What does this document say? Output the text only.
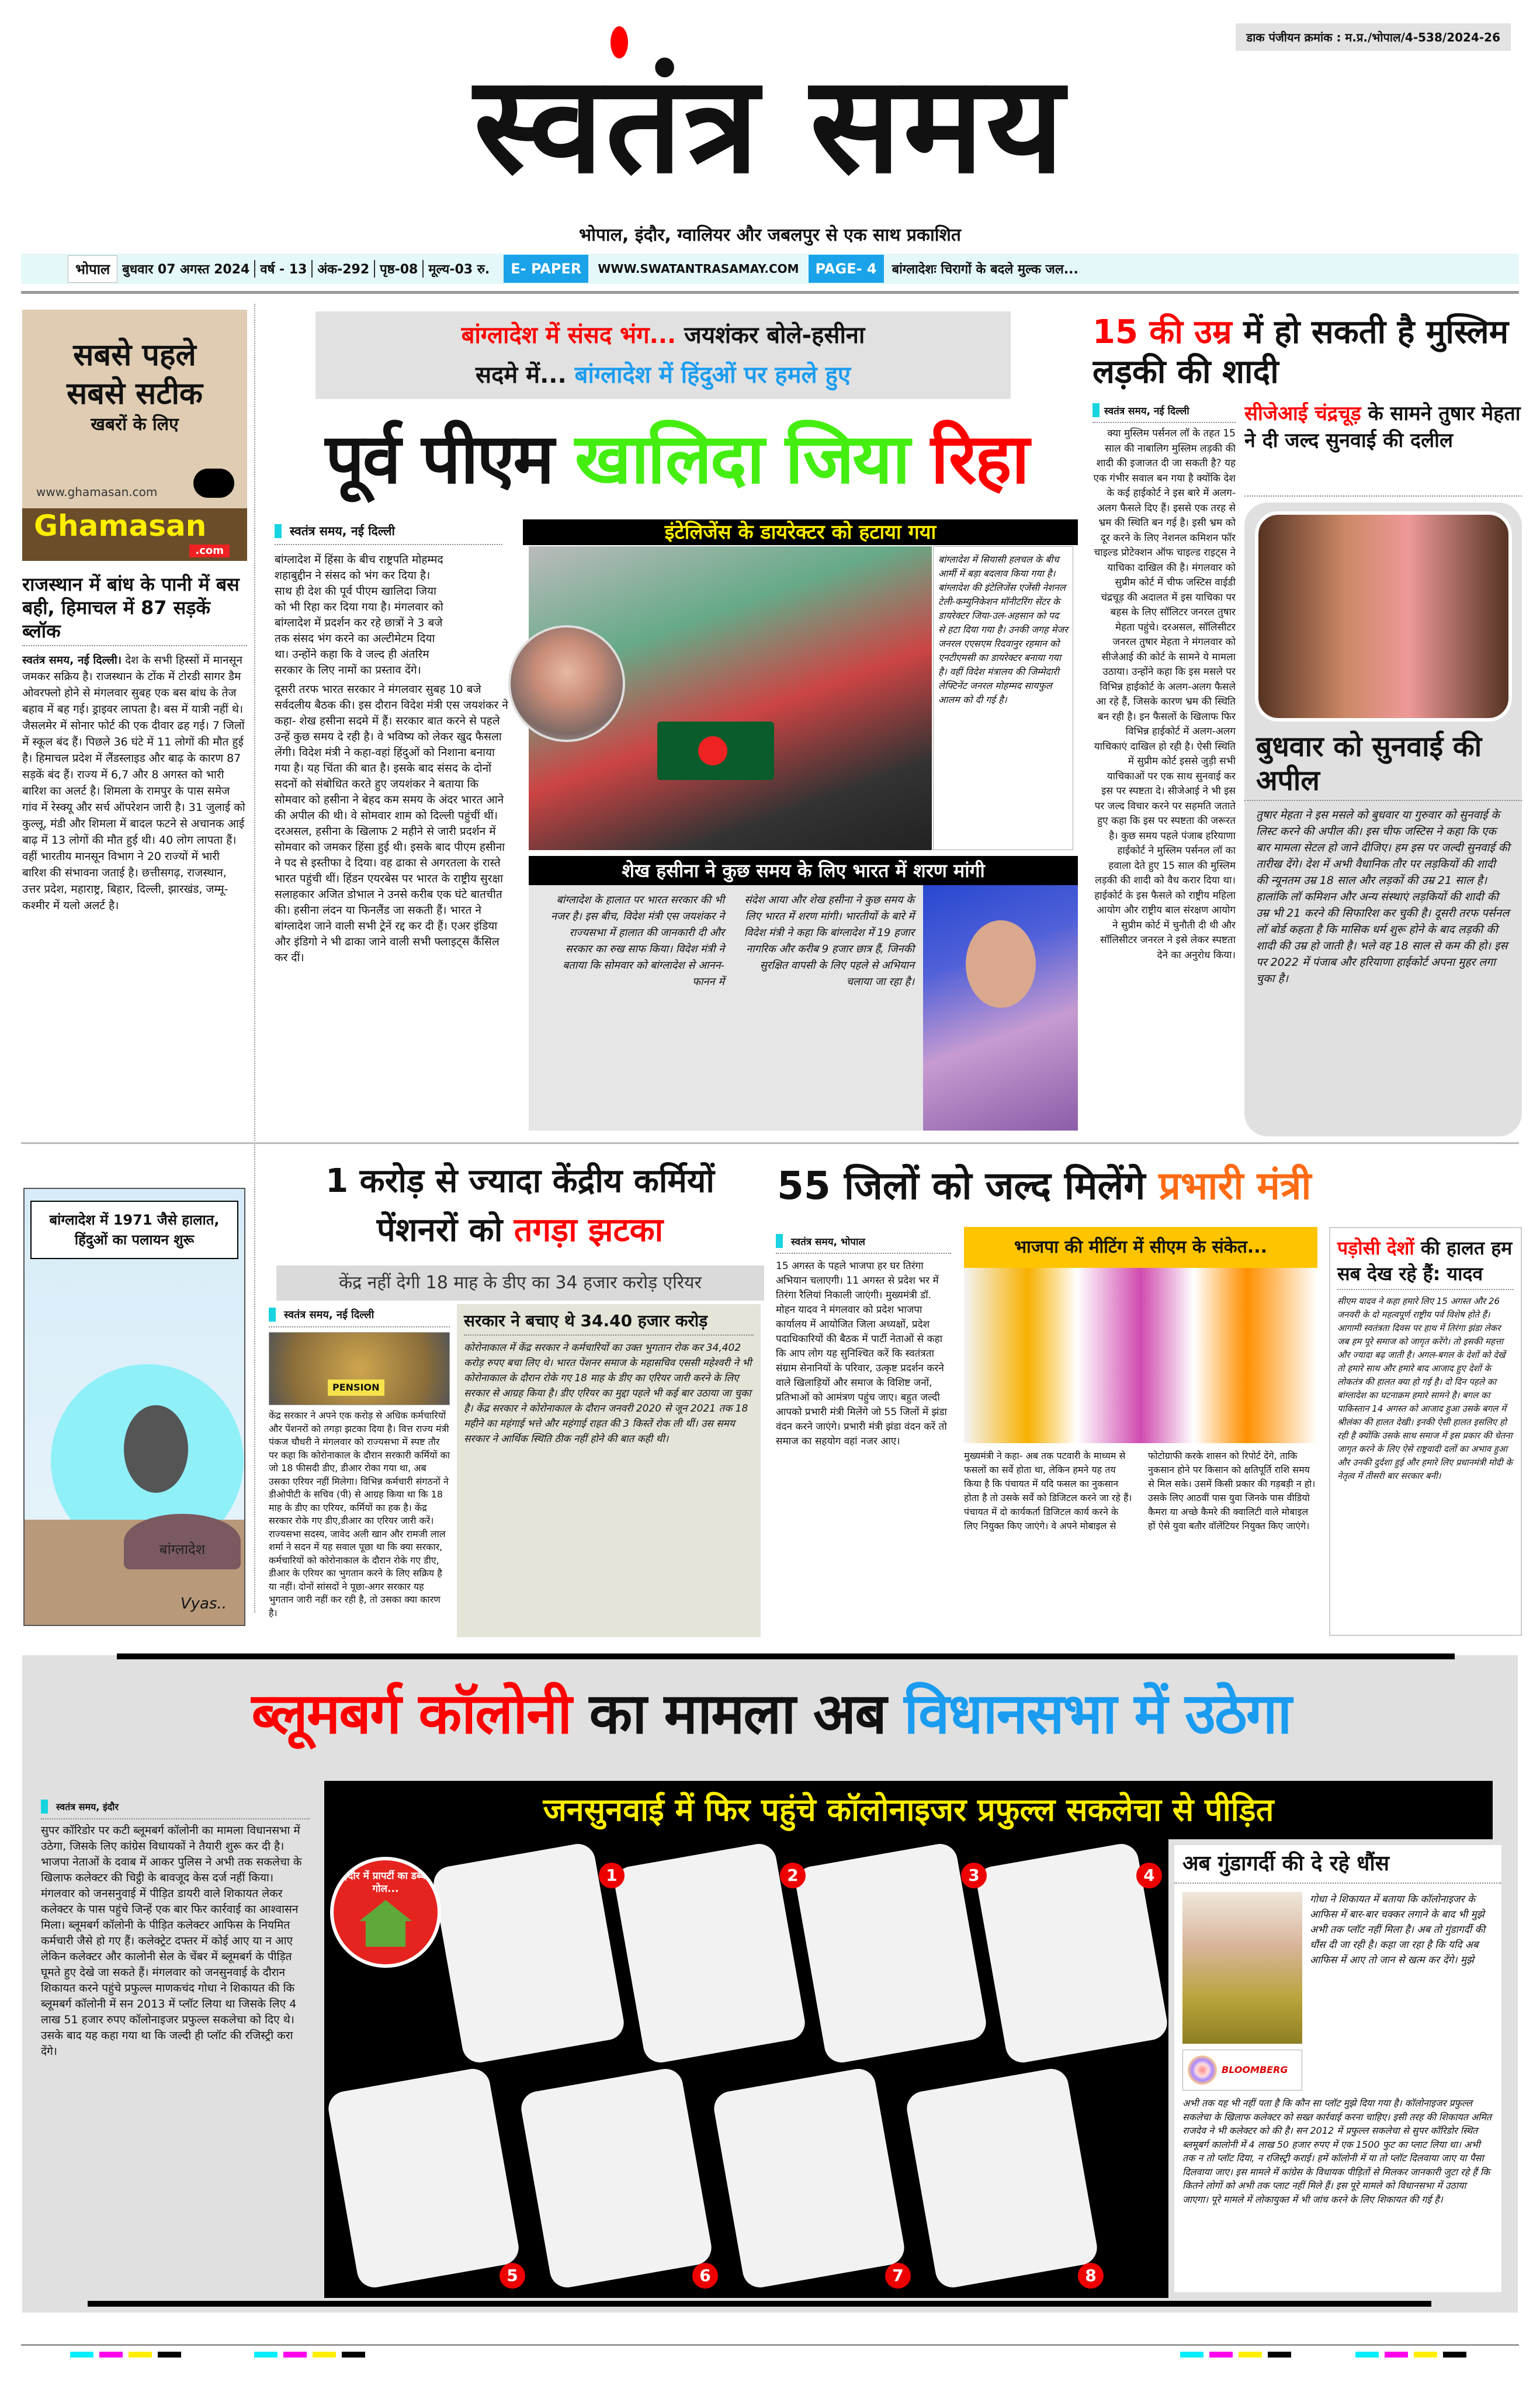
डाक पंजीयन क्रमांक : म.प्र./भोपाल/4-538/2024-26
स्वतंत्र समय
भोपाल, इंदौर, ग्वालियर और जबलपुर से एक साथ प्रकाशित
भोपाल बुधवार 07 अगस्त 2024 वर्ष - 13 अंक-292 पृष्ठ-08 मूल्य-03 रु.	E- PAPER	WWW.SWATANTRASAMAY.COM	PAGE- 4	बांग्लादेशः चिरागों के बदले मुल्क जल...
सबसे पहले
सबसे सटीक
खबरों के लिए
www.ghamasan.com
Ghamasan
.com
राजस्थान में बांध के पानी में बस बही, हिमाचल में 87 सड़कें ब्लॉक
स्वतंत्र समय, नई दिल्ली। देश के सभी हिस्सों में मानसून जमकर सक्रिय है। राजस्थान के टोंक में टोरडी सागर डैम ओवरफ्लो होने से मंगलवार सुबह एक बस बांध के तेज बहाव में बह गई। ड्राइवर लापता है। बस में यात्री नहीं थे। जैसलमेर में सोनार फोर्ट की एक दीवार ढह गई। 7 जिलों में स्कूल बंद हैं। पिछले 36 घंटे में 11 लोगों की मौत हुई है। हिमाचल प्रदेश में लैंडस्लाइड और बाढ़ के कारण 87 सड़कें बंद हैं। राज्य में 6,7 और 8 अगस्त को भारी बारिश का अलर्ट है। शिमला के रामपुर के पास समेज गांव में रेस्क्यू और सर्च ऑपरेशन जारी है। 31 जुलाई को कुल्लू, मंडी और शिमला में बादल फटने से अचानक आई बाढ़ में 13 लोगों की मौत हुई थी। 40 लोग लापता हैं। वहीं भारतीय मानसून विभाग ने 20 राज्यों में भारी बारिश की संभावना जताई है। छत्तीसगढ़, राजस्थान, उत्तर प्रदेश, महाराष्ट्र, बिहार, दिल्ली, झारखंड, जम्मू-कश्मीर में यलो अलर्ट है।
बांग्लादेश में 1971 जैसे हालात, हिंदुओं का पलायन शुरू
बांग्लादेश
Vyas..
बांग्लादेश में संसद भंग... जयशंकर बोले-हसीना
सदमे में... बांग्लादेश में हिंदुओं पर हमले हुए
पूर्व पीएम खालिदा जिया रिहा
स्वतंत्र समय, नई दिल्ली

बांग्लादेश में हिंसा के बीच राष्ट्रपति मोहम्मद शहाबुद्दीन ने संसद को भंग कर दिया है। साथ ही देश की पूर्व पीएम खालिदा जिया को भी रिहा कर दिया गया है। मंगलवार को बांग्लादेश में प्रदर्शन कर रहे छात्रों ने 3 बजे तक संसद भंग करने का अल्टीमेटम दिया था। उन्होंने कहा कि वे जल्द ही अंतरिम सरकार के लिए नामों का प्रस्ताव देंगे।

दूसरी तरफ भारत सरकार ने मंगलवार सुबह 10 बजे सर्वदलीय बैठक की। इस दौरान विदेश मंत्री एस जयशंकर ने कहा- शेख हसीना सदमे में हैं। सरकार बात करने से पहले उन्हें कुछ समय दे रही है। वे भविष्य को लेकर खुद फैसला लेंगी। विदेश मंत्री ने कहा-वहां हिंदुओं को निशाना बनाया गया है। यह चिंता की बात है। इसके बाद संसद के दोनों सदनों को संबोधित करते हुए जयशंकर ने बताया कि सोमवार को हसीना ने बेहद कम समय के अंदर भारत आने की अपील की थी। वे सोमवार शाम को दिल्ली पहुंचीं थीं। दरअसल, हसीना के खिलाफ 2 महीने से जारी प्रदर्शन में सोमवार को जमकर हिंसा हुई थी। इसके बाद पीएम हसीना ने पद से इस्तीफा दे दिया। वह ढाका से अगरतला के रास्ते भारत पहुंची थीं। हिंडन एयरबेस पर भारत के राष्ट्रीय सुरक्षा सलाहकार अजित डोभाल ने उनसे करीब एक घंटे बातचीत की। हसीना लंदन या फिनलैंड जा सकती हैं। भारत ने बांग्लादेश जाने वाली सभी ट्रेनें रद्द कर दी हैं। एअर इंडिया और इंडिगो ने भी ढाका जाने वाली सभी फ्लाइट्स कैंसिल कर दीं।

इंटेलिजेंस के डायरेक्टर को हटाया गया
बांग्लादेश में सियासी हलचल के बीच आर्मी में बड़ा बदलाव किया गया है। बांग्लादेश की इंटेलिजेंस एजेंसी नेशनल टेली-कम्युनिकेशन मॉनीटरिंग सेंटर के डायरेक्टर जिया-उल-अहसान को पद से हटा दिया गया है। उनकी जगह मेजर जनरल एएसएम रिदवानुर रहमान को एनटीएमसी का डायरेक्टर बनाया गया है। वहीं विदेश मंत्रालय की जिम्मेदारी लेफ्टिनेंट जनरल मोहम्मद सायफुल आलम को दी गई है।
शेख हसीना ने कुछ समय के लिए भारत में शरण मांगी
बांग्लादेश के हालात पर भारत सरकार की भी नजर है। इस बीच, विदेश मंत्री एस जयशंकर ने राज्यसभा में हालात की जानकारी दी और सरकार का रुख साफ किया। विदेश मंत्री ने बताया कि सोमवार को बांग्लादेश से आनन-फानन में
संदेश आया और शेख हसीना ने कुछ समय के लिए भारत में शरण मांगी। भारतीयों के बारे में विदेश मंत्री ने कहा कि बांग्लादेश में 19 हजार नागरिक और करीब 9 हजार छात्र हैं, जिनकी सुरक्षित वापसी के लिए पहले से अभियान चलाया जा रहा है।
15 की उम्र में हो सकती है मुस्लिम लड़की की शादी
स्वतंत्र समय, नई दिल्ली
क्या मुस्लिम पर्सनल लॉ के तहत 15 साल की नाबालिग मुस्लिम लड़की की शादी की इजाजत दी जा सकती है? यह एक गंभीर सवाल बन गया है क्योंकि देश के कई हाईकोर्ट ने इस बारे में अलग-अलग फैसले दिए हैं। इससे एक तरह से भ्रम की स्थिति बन गई है। इसी भ्रम को दूर करने के लिए नेशनल कमिशन फॉर चाइल्ड प्रोटेक्शन ऑफ चाइल्ड राइट्स ने याचिका दाखिल की है। मंगलवार को सुप्रीम कोर्ट में चीफ जस्टिस वाईडी चंद्रचूड़ की अदालत में इस याचिका पर बहस के लिए सॉलिटर जनरल तुषार मेहता पहुंचे। दरअसल, सॉलिसीटर जनरल तुषार मेहता ने मंगलवार को सीजेआई की कोर्ट के सामने ये मामला उठाया। उन्होंने कहा कि इस मसले पर विभिन्न हाईकोर्ट के अलग-अलग फैसले आ रहे हैं, जिसके कारण भ्रम की स्थिति बन रही है। इन फैसलों के खिलाफ फिर विभिन्न हाईकोर्ट में अलग-अलग याचिकाएं दाखिल हो रही है। ऐसी स्थिति में सुप्रीम कोर्ट इससे जुड़ी सभी याचिकाओं पर एक साथ सुनवाई कर इस पर स्पष्टता दे। सीजेआई ने भी इस पर जल्द विचार करने पर सहमति जताते हुए कहा कि इस पर स्पष्टता की जरूरत है। कुछ समय पहले पंजाब हरियाणा हाईकोर्ट ने मुस्लिम पर्सनल लॉ का हवाला देते हुए 15 साल की मुस्लिम लड़की की शादी को वैध करार दिया था। हाईकोर्ट के इस फैसले को राष्ट्रीय महिला आयोग और राष्ट्रीय बाल संरक्षण आयोग ने सुप्रीम कोर्ट में चुनौती दी थी और सॉलिसीटर जनरल ने इसे लेकर स्पष्टता देने का अनुरोध किया।
सीजेआई चंद्रचूड़ के सामने तुषार मेहता ने दी जल्द सुनवाई की दलील
बुधवार को सुनवाई की अपील
तुषार मेहता ने इस मसले को बुधवार या गुरुवार को सुनवाई के लिस्ट करने की अपील की। इस चीफ जस्टिस ने कहा कि एक बार मामला सेटल हो जाने दीजिए। हम इस पर जल्दी सुनवाई की तारीख देंगे। देश में अभी वैधानिक तौर पर लड़कियों की शादी की न्यूनतम उम्र 18 साल और लड़कों की उम्र 21 साल है। हालांकि लॉ कमिशन और अन्य संस्थाएं लड़कियों की शादी की उम्र भी 21 करने की सिफारिश कर चुकी है। दूसरी तरफ पर्सनल लॉ बोर्ड कहता है कि मासिक धर्म शुरू होने के बाद लड़की की शादी की उम्र हो जाती है। भले वह 18 साल से कम की हो। इस पर 2022 में पंजाब और हरियाणा हाईकोर्ट अपना मुहर लगा चुका है।
1 करोड़ से ज्यादा केंद्रीय कर्मियों
पेंशनरों को तगड़ा झटका
केंद्र नहीं देगी 18 माह के डीए का 34 हजार करोड़ एरियर
स्वतंत्र समय, नई दिल्ली
PENSION
केंद्र सरकार ने अपने एक करोड़ से अधिक कर्मचारियों और पेंशनरों को तगड़ा झटका दिया है। वित्त राज्य मंत्री पंकज चौधरी ने मंगलवार को राज्यसभा में स्पष्ट तौर पर कहा कि कोरोनाकाल के दौरान सरकारी कर्मियों का जो 18 फीसदी डीए, डीआर रोका गया था, अब उसका एरियर नहीं मिलेगा। विभिन्न कर्मचारी संगठनों ने डीओपीटी के सचिव (पी) से आग्रह किया था कि 18 माह के डीए का एरियर, कर्मियों का हक है। केंद्र सरकार रोके गए डीए,डीआर का एरियर जारी करें। राज्यसभा सदस्य, जावेद अली खान और रामजी लाल शर्मा ने सदन में यह सवाल पूछा था कि क्या सरकार, कर्मचारियों को कोरोनाकाल के दौरान रोके गए डीए, डीआर के एरियर का भुगतान करने के लिए सक्रिय है या नहीं। दोनों सांसदों ने पूछा-अगर सरकार यह भुगतान जारी नहीं कर रही है, तो उसका क्या कारण है।
सरकार ने बचाए थे 34.40 हजार करोड़
कोरोनाकाल में केंद्र सरकार ने कर्मचारियों का उक्त भुगतान रोक कर 34,402 करोड़ रुपए बचा लिए थे। भारत पेंशनर समाज के महासचिव एससी महेश्वरी ने भी कोरोनाकाल के दौरान रोके गए 18 माह के डीए का एरियर जारी करने के लिए सरकार से आग्रह किया है। डीए एरियर का मुद्दा पहले भी कई बार उठाया जा चुका है। केंद्र सरकार ने कोरोनाकाल के दौरान जनवरी 2020 से जून 2021 तक 18 महीने का महंगाई भत्ते और महंगाई राहत की 3 किस्तें रोक ली थीं। उस समय सरकार ने आर्थिक स्थिति ठीक नहीं होने की बात कही थी।
55 जिलों को जल्द मिलेंगे प्रभारी मंत्री
स्वतंत्र समय, भोपाल
15 अगस्त के पहले भाजपा हर घर तिरंगा अभियान चलाएगी। 11 अगस्त से प्रदेश भर में तिरंगा रैलियां निकाली जाएंगी। मुख्यमंत्री डॉ. मोहन यादव ने मंगलवार को प्रदेश भाजपा कार्यालय में आयोजित जिला अध्यक्षों, प्रदेश पदाधिकारियों की बैठक में पार्टी नेताओं से कहा कि आप लोग यह सुनिश्चित करें कि स्वतंत्रता संग्राम सेनानियों के परिवार, उत्कृष्ट प्रदर्शन करने वाले खिलाड़ियों और समाज के विशिष्ट जनों, प्रतिभाओं को आमंत्रण पहुंच जाए। बहुत जल्दी आपको प्रभारी मंत्री मिलेंगे जो 55 जिलों में झंडा वंदन करने जाएंगे। प्रभारी मंत्री झंडा वंदन करें तो समाज का सहयोग वहां नजर आए।
भाजपा की मीटिंग में सीएम के संकेत...
मुख्यमंत्री ने कहा- अब तक पटवारी के माध्यम से फसलों का सर्वे होता था, लेकिन हमने यह तय किया है कि पंचायत में यदि फसल का नुकसान होता है तो उसके सर्वे को डिजिटल करने जा रहे हैं। पंचायत में दो कार्यकर्ता डिजिटल कार्य करने के लिए नियुक्त किए जाएंगे। वे अपने मोबाइल से
फोटोग्राफी करके शासन को रिपोर्ट देंगे, ताकि नुकसान होने पर किसान को क्षतिपूर्ति राशि समय से मिल सके। उसमें किसी प्रकार की गड़बड़ी न हो। उसके लिए आठवीं पास युवा जिनके पास वीडियो कैमरा या अच्छे कैमरे की क्वालिटी वाले मोबाइल हों ऐसे युवा बतौर वॉलेंटियर नियुक्त किए जाएंगे।
पड़ोसी देशों की हालत हम सब देख रहे हैं: यादव
सीएम यादव ने कहा हमारे लिए 15 अगस्त और 26 जनवरी के दो महत्वपूर्ण राष्ट्रीय पर्व विशेष होते हैं। आगामी स्वतंत्रता दिवस पर हाथ में तिरंगा झंडा लेकर जब हम पूरे समाज को जागृत करेंगे। तो इसकी महत्ता और ज्यादा बढ़ जाती है। अगल-बगल के देशों को देखें तो हमारे साथ और हमारे बाद आजाद हुए देशों के लोकतंत्र की हालत क्या हो गई है। दो दिन पहले का बांग्लादेश का घटनाक्रम हमारे सामने है। बगल का पाकिस्तान 14 अगस्त को आजाद हुआ उसके बगल में श्रीलंका की हालत देखी। इनकी ऐसी हालत इसलिए हो रही है क्योंकि उसके साथ समाज में इस प्रकार की चेतना जागृत करने के लिए ऐसे राष्ट्रवादी दलों का अभाव हुआ और उनकी दुर्दशा हुई और हमारे लिए प्रधानमंत्री मोदी के नेतृत्व में तीसरी बार सरकार बनी।
ब्लूमबर्ग कॉलोनी का मामला अब विधानसभा में उठेगा
जनसुनवाई में फिर पहुंचे कॉलोनाइजर प्रफुल्ल सकलेचा से पीड़ित
स्वतंत्र समय, इंदौर
सुपर कॉरिडोर पर कटी ब्लूमबर्ग कॉलोनी का मामला विधानसभा में उठेगा, जिसके लिए कांग्रेस विधायकों ने तैयारी शुरू कर दी है। भाजपा नेताओं के दवाब में आकर पुलिस ने अभी तक सकलेचा के खिलाफ कलेक्टर की चिट्ठी के बावजूद केस दर्ज नहीं किया। मंगलवार को जनसनुवाई में पीड़ित डायरी वाले शिकायत लेकर कलेक्टर के पास पहुंचे जिन्हें एक बार फिर कार्रवाई का आश्वासन मिला। ब्लूमबर्ग कॉलोनी के पीड़ित कलेक्टर आफिस के नियमित कर्मचारी जैसे हो गए हैं। कलेक्ट्रेट दफ्तर में कोई आए या न आए लेकिन कलेक्टर और कालोनी सेल के चेंबर में ब्लूमबर्ग के पीड़ित घूमते हुए देखे जा सकते हैं। मंगलवार को जनसुनवाई के दौरान शिकायत करने पहुंचे प्रफुल्ल माणकचंद गोधा ने शिकायत की कि ब्लूमबर्ग कॉलोनी में सन 2013 में प्लॉट लिया था जिसके लिए 4 लाख 51 हजार रुपए कॉलोनाइजर प्रफुल्ल सकलेचा को दिए थे। उसके बाद यह कहा गया था कि जल्दी ही प्लॉट की रजिस्ट्री करा देंगे।
1	2	3	4
5	6	7	8
इंदौर में प्रापर्टी का डब्बा गोल...
अब गुंडागर्दी की दे रहे धौंस
BLOOMBERG
गोधा ने शिकायत में बताया कि कॉलोनाइजर के आफिस में बार-बार चक्कर लगाने के बाद भी मुझे अभी तक प्लॉट नहीं मिला है। अब तो गुंडागर्दी की धौंस दी जा रही है। कहा जा रहा है कि यदि अब आफिस में आए तो जान से खत्म कर देंगे। मुझे
अभी तक यह भी नहीं पता है कि कौन सा प्लॉट मुझे दिया गया है। कॉलोनाइजर प्रफुल्ल सकलेचा के खिलाफ कलेक्टर को सख्त कार्रवाई करना चाहिए। इसी तरह की शिकायत अमित राजदेव ने भी कलेक्टर को की है। सन 2012 में प्रफुल्ल सकलेचा से सुपर कॉरिडोर स्थित ब्लमूबर्ग कालोनी में 4 लाख 50 हजार रुपए में एक 1500 फुट का प्लाट लिया था। अभी तक न तो प्लॉट दिया, न रजिस्ट्री कराई। हमें कॉलोनी में या तो प्लॉट दिलवाया जाए या पैसा दिलवाया जाए। इस मामले में कांग्रेस के विधायक पीड़ितों से मिलकर जानकारी जुटा रहे हैं कि कितने लोगों को अभी तक प्लाट नहीं मिले हैं। इस पूरे मामले को विधानसभा में उठाया जाएगा। पूरे मामले में लोकायुक्त में भी जांच करने के लिए शिकायत की गई है।
